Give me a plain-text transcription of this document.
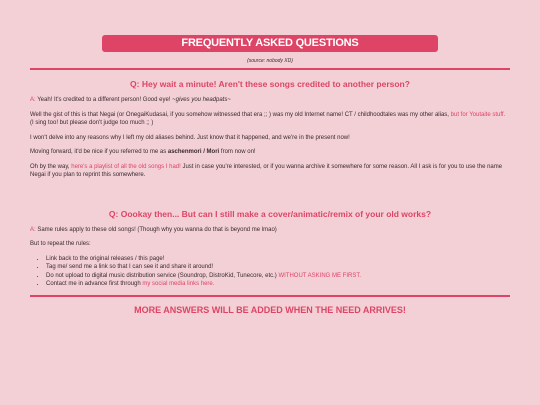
FREQUENTLY ASKED QUESTIONS
(source: nobody XD)
Q: Hey wait a minute! Aren't these songs credited to another person?

A: Yeah! It's credited to a different person! Good eye! ~gives you headpats~

Well the gist of this is that Negai (or OnegaiKudasai, if you somehow witnessed that era ;; ) was my old Internet name! CT / childhoodtales was my other alias, but for Youtaite stuff. (I sing too! but please don't judge too much ;; )

I won't delve into any reasons why I left my old aliases behind. Just know that it happened, and we're in the present now!

Moving forward, it'd be nice if you referred to me as aschenmori / Mori from now on!

Oh by the way, here's a playlist of all the old songs I had! Just in case you're interested, or if you wanna archive it somewhere for some reason. All I ask is for you to use the name Negai if you plan to reprint this somewhere.

Q: Oookay then... But can I still make a cover/animatic/remix of your old works?

A: Same rules apply to these old songs! (Though why you wanna do that is beyond me lmao)

But to repeat the rules:

• Link back to the original releases / this page!
• Tag me/ send me a link so that I can see it and share it around!
• Do not upload to digital music distribution service (Soundrop, DistroKid, Tunecore, etc.) WITHOUT ASKING ME FIRST.
• Contact me in advance first through my social media links here.
MORE ANSWERS WILL BE ADDED WHEN THE NEED ARRIVES!
